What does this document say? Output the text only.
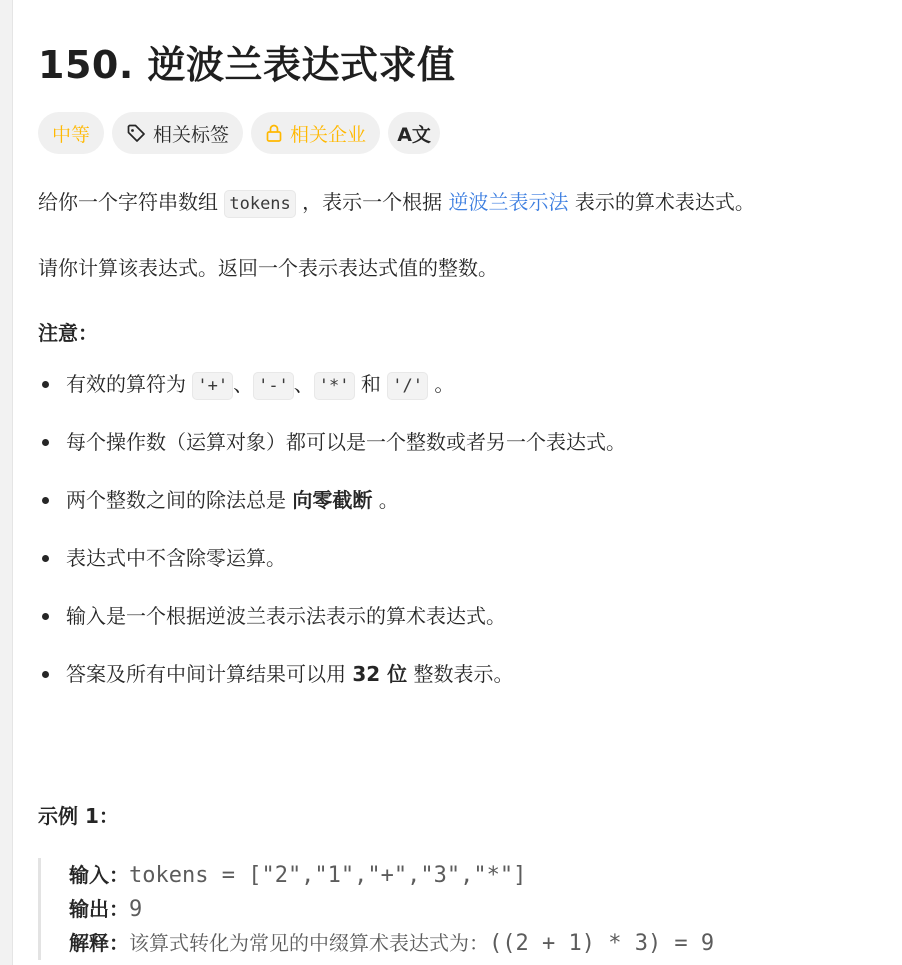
150. 逆波兰表达式求值
中等	相关标签	相关企业 A文

给你一个字符串数组 tokens ，表示一个根据 逆波兰表示法 表示的算术表达式。

请你计算该表达式。返回一个表示表达式值的整数。

注意：

有效的算符为 '+' 、 '-' 、 '*' 和 '/' 。
每个操作数（运算对象）都可以是一个整数或者另一个表达式。
两个整数之间的除法总是 向零截断 。
表达式中不含除零运算。
输入是一个根据逆波兰表示法表示的算术表达式。
答案及所有中间计算结果可以用 32 位 整数表示。

示例 1：

输入：tokens = ["2","1","+","3","*"]
输出：9
解释：该算式转化为常见的中缀算术表达式为：((2 + 1) * 3) = 9
